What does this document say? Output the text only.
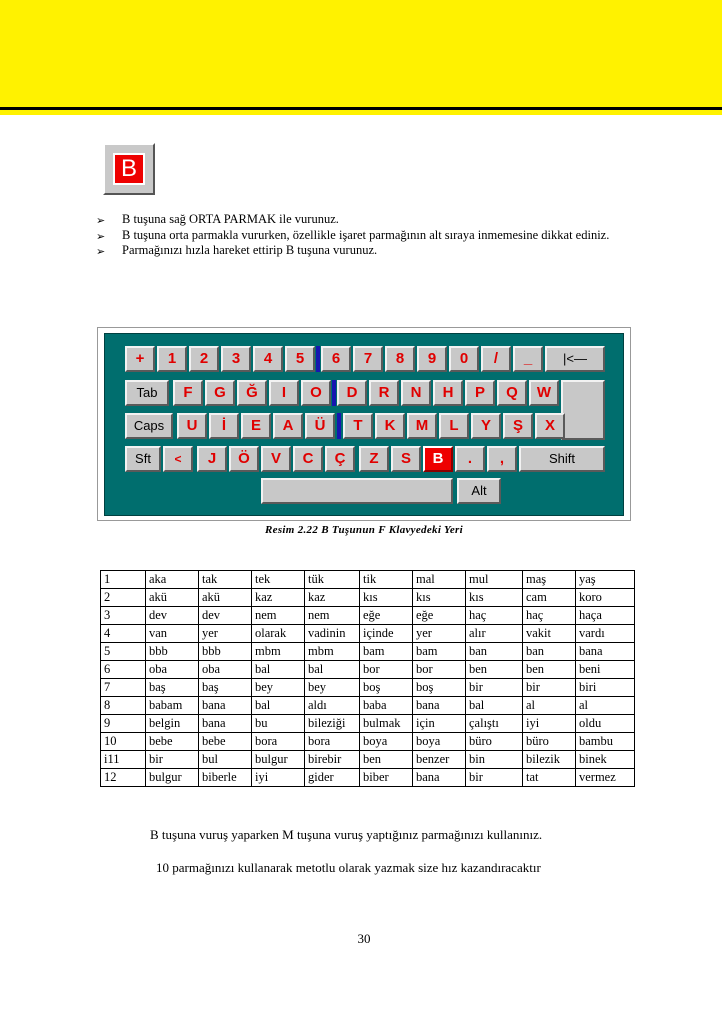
B
➢ B tuşuna sağ ORTA PARMAK ile vurunuz.
➢ B tuşuna orta parmakla vururken, özellikle işaret parmağının alt sıraya inmemesine dikkat ediniz.
➢ Parmağınızı hızla hareket ettirip B tuşuna vurunuz.
+	1	2	3	4	5	6	7	8	9	0	/	_	|<—
Tab	F	G	Ğ	I	O	D	R	N	H	P	Q	W
Caps	U	İ	E	A	Ü	T	K	M	L	Y	Ş	X
Sft	<	J	Ö	V	C	Ç	Z	S	B	.	,	Shift
Alt
Resim 2.22 B Tuşunun F Klavyedeki Yeri
1	aka	tak	tek	tük	tik	mal	mul	maş	yaş
2	akü	akü	kaz	kaz	kıs	kıs	kıs	cam	koro
3	dev	dev	nem	nem	eğe	eğe	haç	haç	haça
4	van	yer	olarak	vadinin	içinde	yer	alır	vakit	vardı
5	bbb	bbb	mbm	mbm	bam	bam	ban	ban	bana
6	oba	oba	bal	bal	bor	bor	ben	ben	beni
7	baş	baş	bey	bey	boş	boş	bir	bir	biri
8	babam	bana	bal	aldı	baba	bana	bal	al	al
9	belgin	bana	bu	bileziği	bulmak	için	çalıştı	iyi	oldu
10	bebe	bebe	bora	bora	boya	boya	büro	büro	bambu
i11	bir	bul	bulgur	birebir	ben	benzer	bin	bilezik	binek
12	bulgur	biberle	iyi	gider	biber	bana	bir	tat	vermez
B tuşuna vuruş yaparken M tuşuna vuruş yaptığınız parmağınızı kullanınız.
10 parmağınızı kullanarak metotlu olarak yazmak size hız kazandıracaktır
30
